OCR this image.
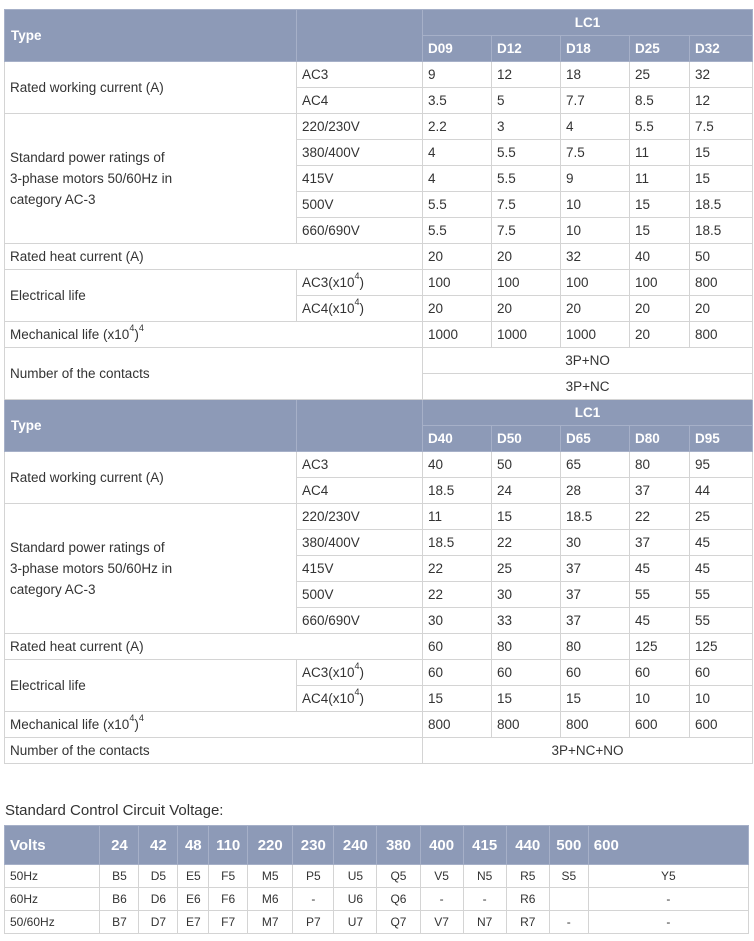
Type		LC1				
		D09	D12	D18	D25	D32
Rated working current (A)	AC3	9	12	18	25	32
	AC4	3.5	5	7.7	8.5	12
Standard power ratings of
3-phase motors 50/60Hz in
category AC-3	220/230V	2.2	3	4	5.5	7.5
	380/400V	4	5.5	7.5	11	15
	415V	4	5.5	9	11	15
	500V	5.5	7.5	10	15	18.5
	660/690V	5.5	7.5	10	15	18.5
Rated heat current (A)		20	20	32	40	50
Electrical life	$AC3(x10^4)$	100	100	100	100	800
	$AC4(x10^4)$	20	20	20	20	20
Mechanical life $(x10^4)^4$		1000	1000	1000	20	800
Number of the contacts		3P+NO				
		3P+NC				
Type		LC1				
		D40	D50	D65	D80	D95
Rated working current (A)	AC3	40	50	65	80	95
	AC4	18.5	24	28	37	44
Standard power ratings of
3-phase motors 50/60Hz in
category AC-3	220/230V	11	15	18.5	22	25
	380/400V	18.5	22	30	37	45
	415V	22	25	37	45	45
	500V	22	30	37	55	55
	660/690V	30	33	37	45	55
Rated heat current (A)		60	80	80	125	125
Electrical life	$AC3(x10^4)$	60	60	60	60	60
	$AC4(x10^4)$	15	15	15	10	10
Mechanical life $(x10^4)^4$		800	800	800	600	600
Number of the contacts		3P+NC+NO				
Standard Control Circuit Voltage:
Volts	24	42	48	110	220	230	240	380	400	415	440	500	600
50Hz	B5	D5	E5	F5	M5	P5	U5	Q5	V5	N5	R5	S5	Y5
60Hz	B6	D6	E6	F6	M6	-	U6	Q6	-	-	R6		-
50/60Hz	B7	D7	E7	F7	M7	P7	U7	Q7	V7	N7	R7	-	-
